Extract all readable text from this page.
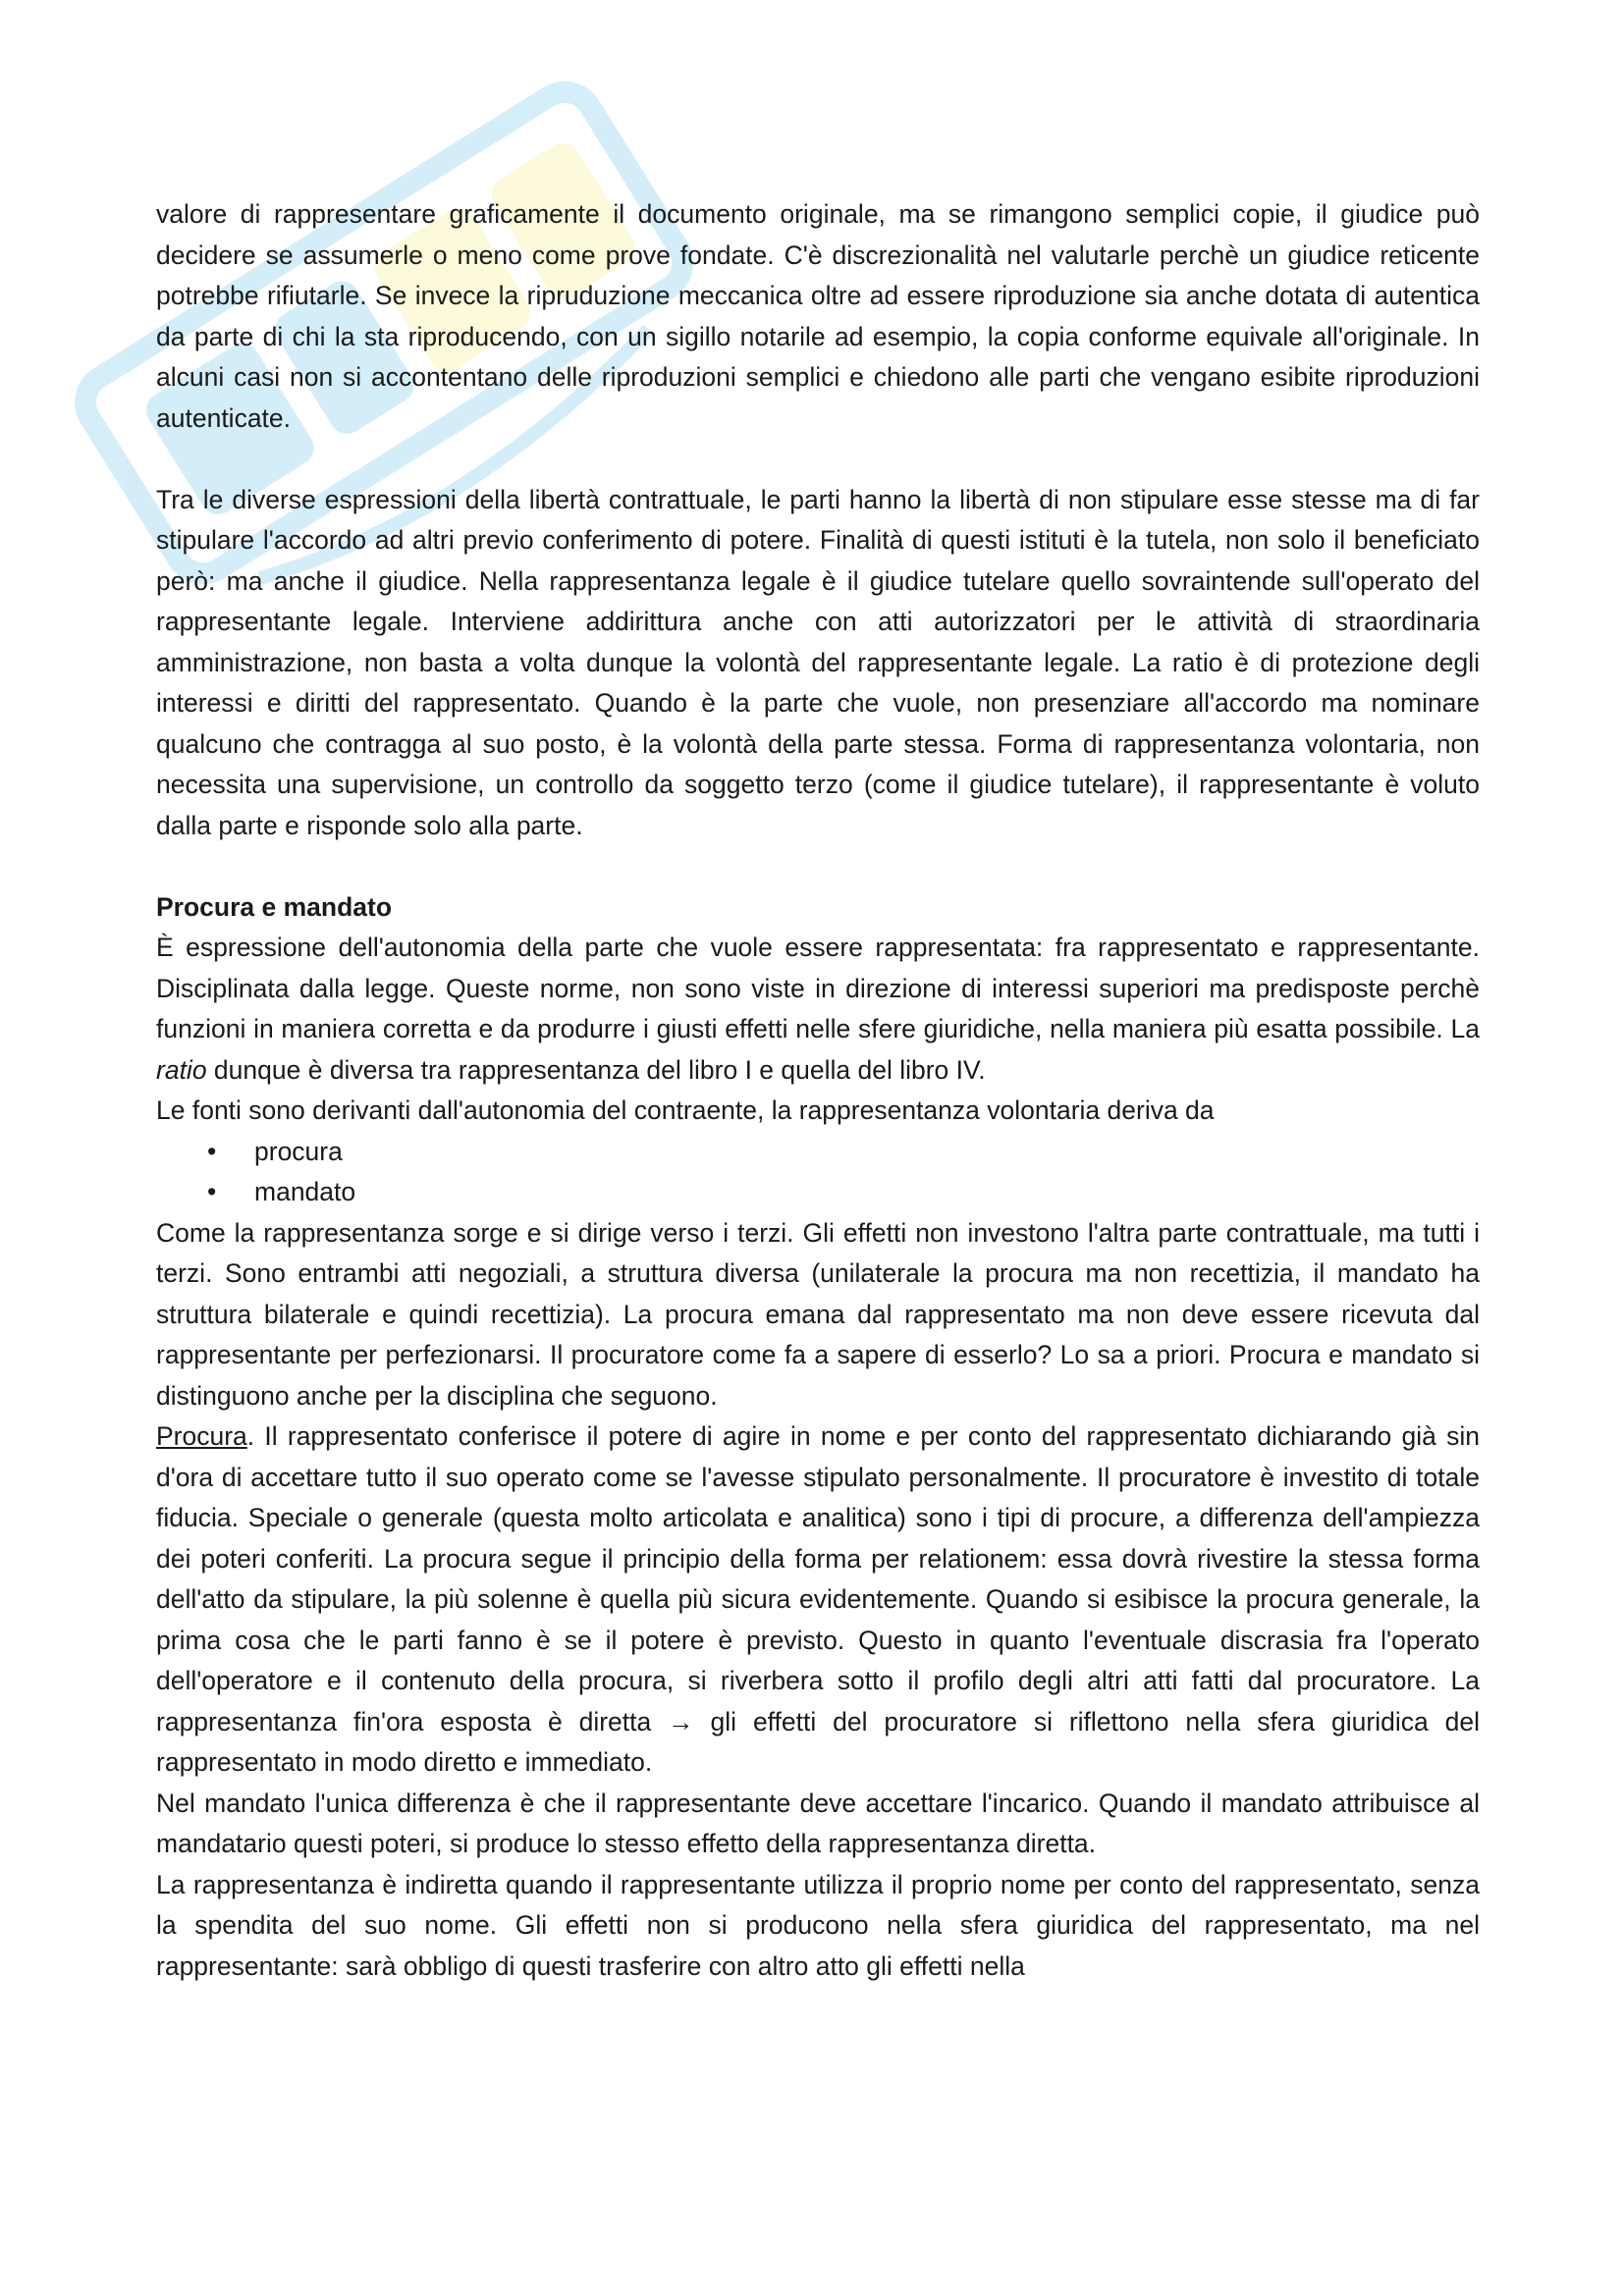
valore di rappresentare graficamente il documento originale, ma se rimangono semplici copie, il giudice può decidere se assumerle o meno come prove fondate. C'è discrezionalità nel valutarle perchè un giudice reticente potrebbe rifiutarle. Se invece la ripruduzione meccanica oltre ad essere riproduzione sia anche dotata di autentica da parte di chi la sta riproducendo, con un sigillo notarile ad esempio, la copia conforme equivale all'originale. In alcuni casi non si accontentano delle riproduzioni semplici e chiedono alle parti che vengano esibite riproduzioni autenticate.

Tra le diverse espressioni della libertà contrattuale, le parti hanno la libertà di non stipulare esse stesse ma di far stipulare l'accordo ad altri previo conferimento di potere. Finalità di questi istituti è la tutela, non solo il beneficiato però: ma anche il giudice. Nella rappresentanza legale è il giudice tutelare quello sovraintende sull'operato del rappresentante legale. Interviene addirittura anche con atti autorizzatori per le attività di straordinaria amministrazione, non basta a volta dunque la volontà del rappresentante legale. La ratio è di protezione degli interessi e diritti del rappresentato. Quando è la parte che vuole, non presenziare all'accordo ma nominare qualcuno che contragga al suo posto, è la volontà della parte stessa. Forma di rappresentanza volontaria, non necessita una supervisione, un controllo da soggetto terzo (come il giudice tutelare), il rappresentante è voluto dalla parte e risponde solo alla parte.

Procura e mandato

È espressione dell'autonomia della parte che vuole essere rappresentata: fra rappresentato e rappresentante. Disciplinata dalla legge. Queste norme, non sono viste in direzione di interessi superiori ma predisposte perchè funzioni in maniera corretta e da produrre i giusti effetti nelle sfere giuridiche, nella maniera più esatta possibile. La ratio dunque è diversa tra rappresentanza del libro I e quella del libro IV.

Le fonti sono derivanti dall'autonomia del contraente, la rappresentanza volontaria deriva da

• procura
• mandato

Come la rappresentanza sorge e si dirige verso i terzi. Gli effetti non investono l'altra parte contrattuale, ma tutti i terzi. Sono entrambi atti negoziali, a struttura diversa (unilaterale la procura ma non recettizia, il mandato ha struttura bilaterale e quindi recettizia). La procura emana dal rappresentato ma non deve essere ricevuta dal rappresentante per perfezionarsi. Il procuratore come fa a sapere di esserlo? Lo sa a priori. Procura e mandato si distinguono anche per la disciplina che seguono.

Procura. Il rappresentato conferisce il potere di agire in nome e per conto del rappresentato dichiarando già sin d'ora di accettare tutto il suo operato come se l'avesse stipulato personalmente. Il procuratore è investito di totale fiducia. Speciale o generale (questa molto articolata e analitica) sono i tipi di procure, a differenza dell'ampiezza dei poteri conferiti. La procura segue il principio della forma per relationem: essa dovrà rivestire la stessa forma dell'atto da stipulare, la più solenne è quella più sicura evidentemente. Quando si esibisce la procura generale, la prima cosa che le parti fanno è se il potere è previsto. Questo in quanto l'eventuale discrasia fra l'operato dell'operatore e il contenuto della procura, si riverbera sotto il profilo degli altri atti fatti dal procuratore. La rappresentanza fin'ora esposta è diretta → gli effetti del procuratore si riflettono nella sfera giuridica del rappresentato in modo diretto e immediato.

Nel mandato l'unica differenza è che il rappresentante deve accettare l'incarico. Quando il mandato attribuisce al mandatario questi poteri, si produce lo stesso effetto della rappresentanza diretta.

La rappresentanza è indiretta quando il rappresentante utilizza il proprio nome per conto del rappresentato, senza la spendita del suo nome. Gli effetti non si producono nella sfera giuridica del rappresentato, ma nel rappresentante: sarà obbligo di questi trasferire con altro atto gli effetti nella
